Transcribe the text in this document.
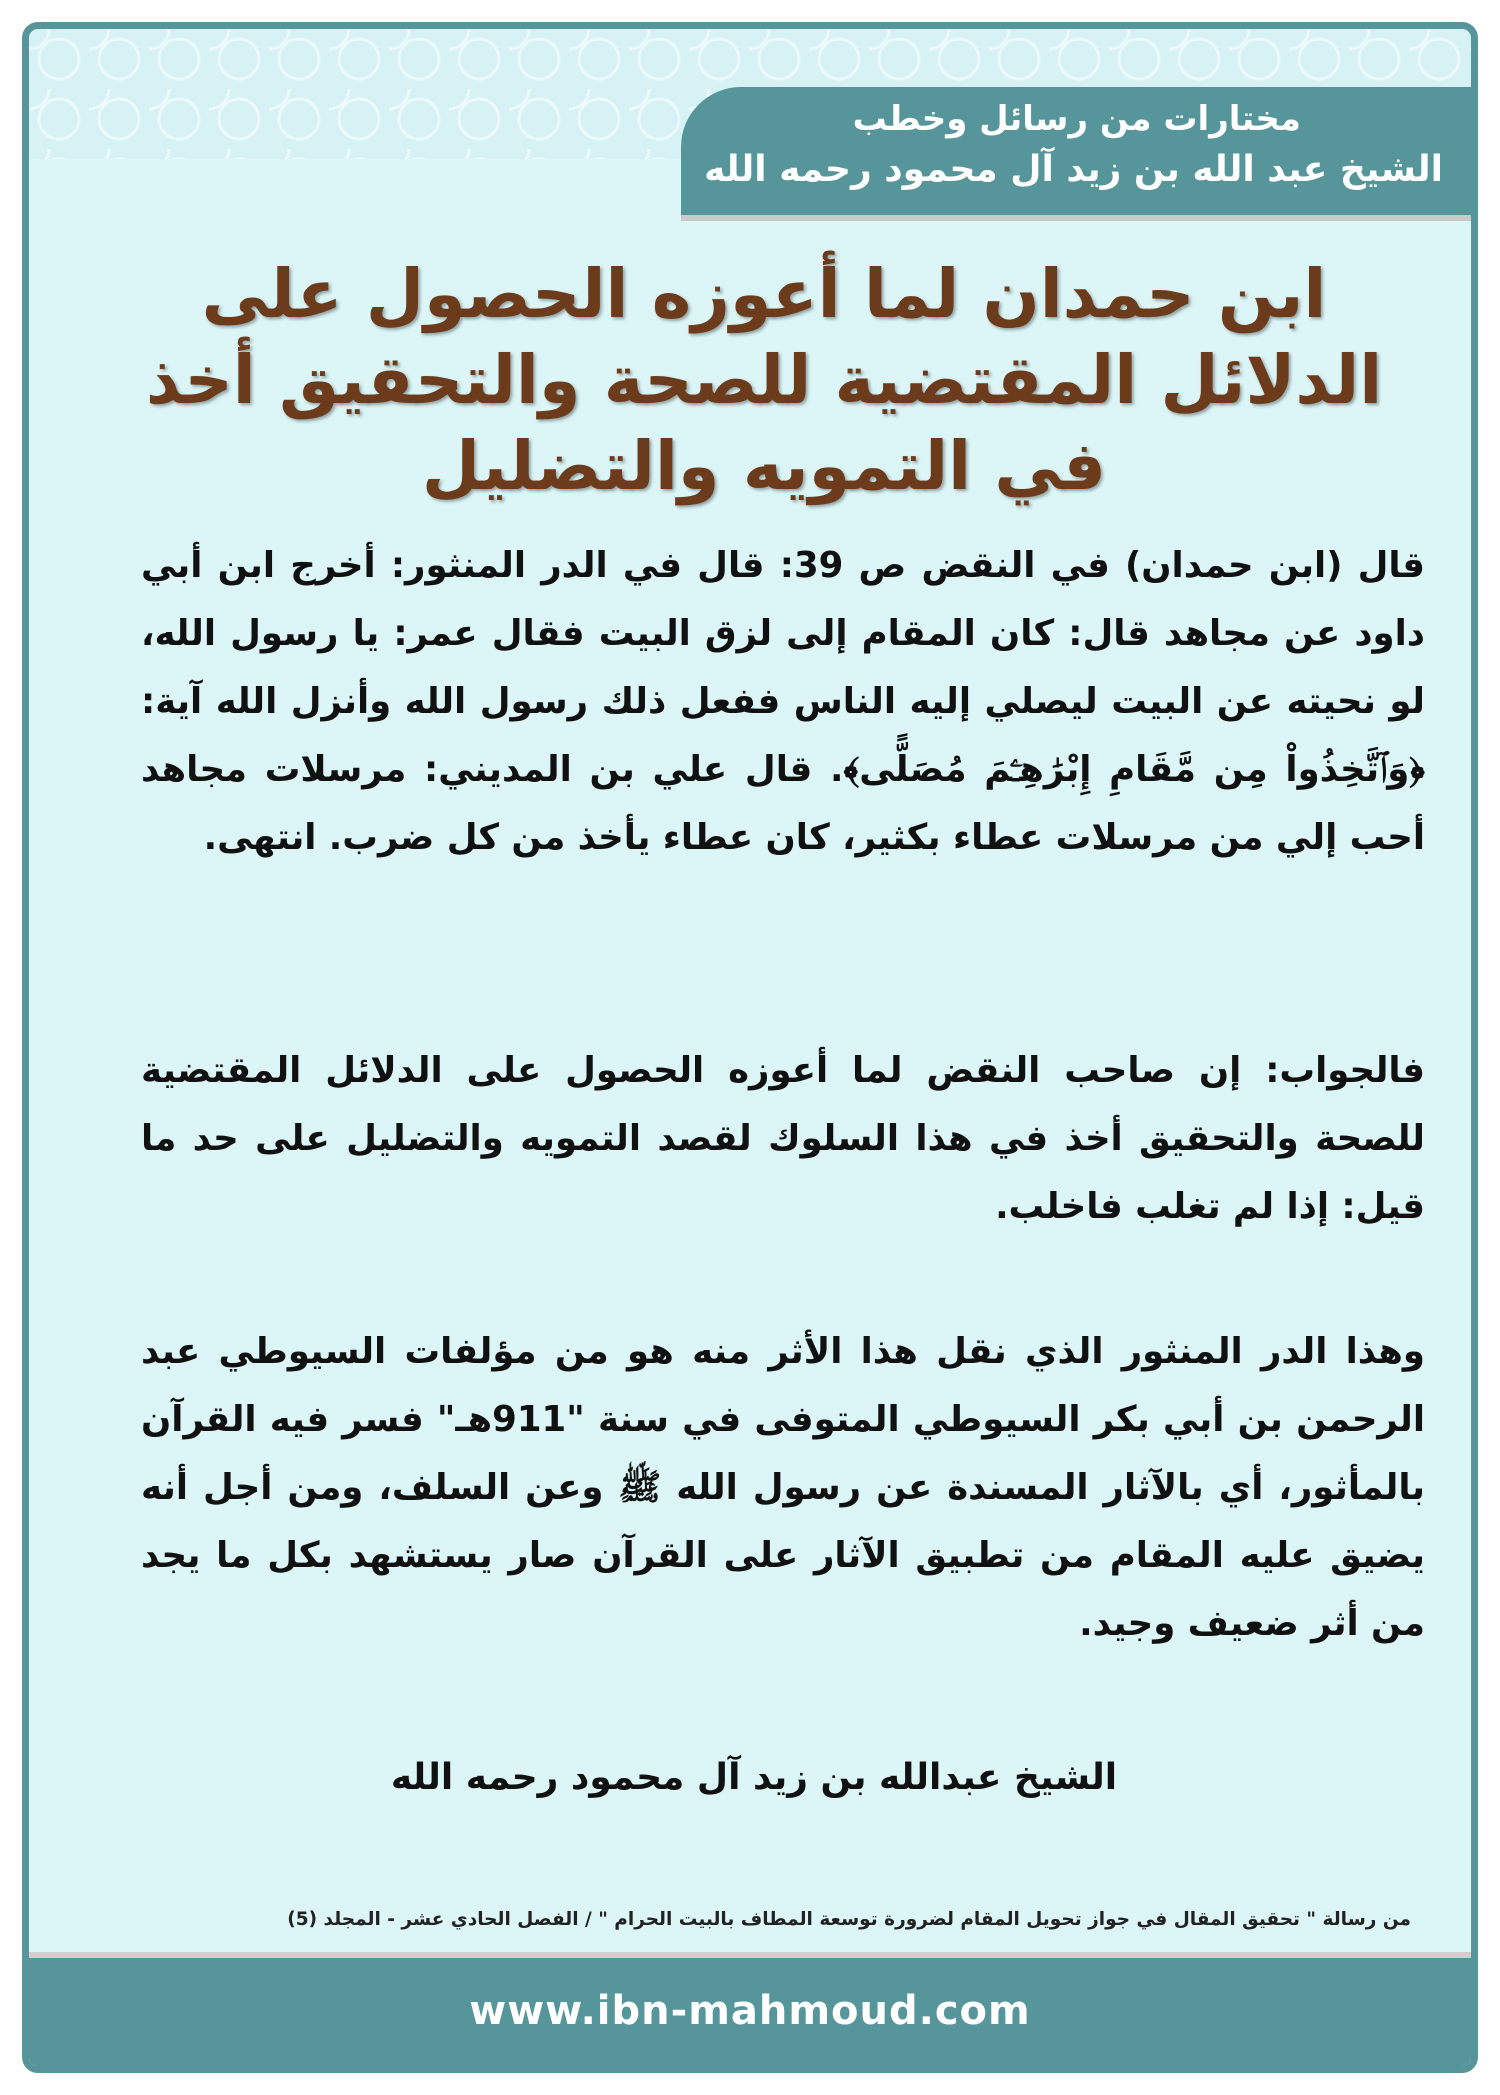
مختارات من رسائل وخطب
الشيخ عبد الله بن زيد آل محمود رحمه الله
ابن حمدان لما أعوزه الحصول على الدلائل المقتضية للصحة والتحقيق أخذ في التمويه والتضليل
قال (ابن حمدان) في النقض ص 39: قال في الدر المنثور: أخرج ابن أبي داود عن مجاهد قال: كان المقام إلى لزق البيت فقال عمر: يا رسول الله، لو نحيته عن البيت ليصلي إليه الناس ففعل ذلك رسول الله وأنزل الله آية: ﴿وَٱتَّخِذُواْ مِن مَّقَامِ إِبْرَٰهِـۧمَ مُصَلًّى﴾. قال علي بن المديني: مرسلات مجاهد أحب إلي من مرسلات عطاء بكثير، كان عطاء يأخذ من كل ضرب. انتهى.
فالجواب: إن صاحب النقض لما أعوزه الحصول على الدلائل المقتضية للصحة والتحقيق أخذ في هذا السلوك لقصد التمويه والتضليل على حد ما قيل: إذا لم تغلب فاخلب.
وهذا الدر المنثور الذي نقل هذا الأثر منه هو من مؤلفات السيوطي عبد الرحمن بن أبي بكر السيوطي المتوفى في سنة "911هـ" فسر فيه القرآن بالمأثور، أي بالآثار المسندة عن رسول الله ﷺ وعن السلف، ومن أجل أنه يضيق عليه المقام من تطبيق الآثار على القرآن صار يستشهد بكل ما يجد من أثر ضعيف وجيد.
الشيخ عبدالله بن زيد آل محمود رحمه الله
من رسالة " تحقيق المقال في جواز تحويل المقام لضرورة توسعة المطاف بالبيت الحرام " / الفصل الحادي عشر - المجلد (5)
www.ibn-mahmoud.com
